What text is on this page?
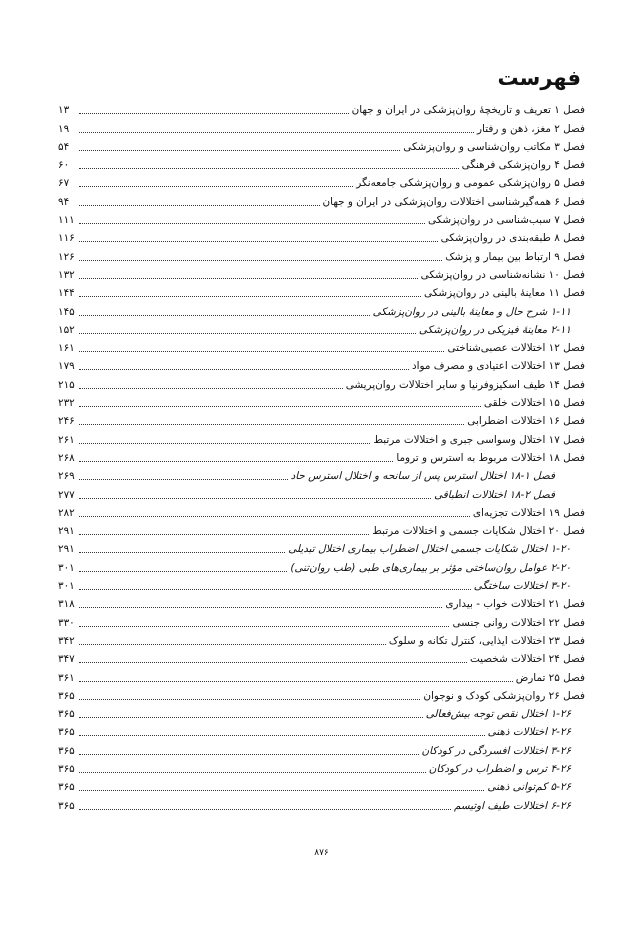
فهرست
فصل ۱ تعریف و تاریخچهٔ روان‌پزشکی در ایران و جهان
۱۳
فصل ۲ مغز، ذهن و رفتار
۱۹
فصل ۳ مکاتب روان‌شناسی و روان‌پزشکی
۵۴
فصل ۴ روان‌پزشکی فرهنگی
۶۰
فصل ۵ روان‌پزشکی عمومی و روان‌پزشکی جامعه‌نگر
۶۷
فصل ۶ همه‌گیرشناسی اختلالات روان‌پزشکی در ایران و جهان
۹۴
فصل ۷ سبب‌شناسی در روان‌پزشکی
۱۱۱
فصل ۸ طبقه‌بندی در روان‌پزشکی
۱۱۶
فصل ۹ ارتباط بین بیمار و پزشک
۱۲۶
فصل ۱۰ نشانه‌شناسی در روان‌پزشکی
۱۳۲
فصل ۱۱ معاینهٔ بالینی در روان‌پزشکی
۱۴۴
۱-۱۱ شرح حال و معاینهٔ بالینی در روان‌پزشکی
۱۴۵
۲-۱۱ معاینهٔ فیزیکی در روان‌پزشکی
۱۵۲
فصل ۱۲ اختلالات عصبی‌شناختی
۱۶۱
فصل ۱۳ اختلالات اعتیادی و مصرف مواد
۱۷۹
فصل ۱۴ طیف اسکیزوفرنیا و سایر اختلالات روان‌پریشی
۲۱۵
فصل ۱۵ اختلالات خلقی
۲۳۲
فصل ۱۶ اختلالات اضطرابی
۲۴۶
فصل ۱۷ اختلال وسواسی جبری و اختلالات مرتبط
۲۶۱
فصل ۱۸ اختلالات مربوط به استرس و تروما
۲۶۸
فصل ۱-۱۸ اختلال استرس پس از سانحه و اختلال استرس حاد
۲۶۹
فصل ۲-۱۸ اختلالات انطباقی
۲۷۷
فصل ۱۹ اختلالات تجزیه‌ای
۲۸۲
فصل ۲۰ اختلال شکایات جسمی و اختلالات مرتبط
۲۹۱
۱-۲۰ اختلال شکایات جسمی اختلال اضطراب بیماری اختلال تبدیلی
۲۹۱
۲-۲۰ عوامل روان‌ساختی مؤثر بر بیماری‌های طبی (طب روان‌تنی)
۳۰۱
۳-۲۰ اختلالات ساختگی
۳۰۱
فصل ۲۱ اختلالات خواب - بیداری
۳۱۸
فصل ۲۲ اختلالات روانی جنسی
۳۳۰
فصل ۲۳ اختلالات ایذایی، کنترل تکانه و سلوک
۳۴۲
فصل ۲۴ اختلالات شخصیت
۳۴۷
فصل ۲۵ تمارض
۳۶۱
فصل ۲۶ روان‌پزشکی کودک و نوجوان
۳۶۵
۱-۲۶ اختلال نقص توجه بیش‌فعالی
۳۶۵
۲-۲۶ اختلالات ذهنی
۳۶۵
۳-۲۶ اختلالات افسردگی در کودکان
۳۶۵
۴-۲۶ ترس و اضطراب در کودکان
۳۶۵
۵-۲۶ کم‌توانی ذهنی
۳۶۵
۶-۲۶ اختلالات طیف اوتیسم
۳۶۵
۸۷۶
